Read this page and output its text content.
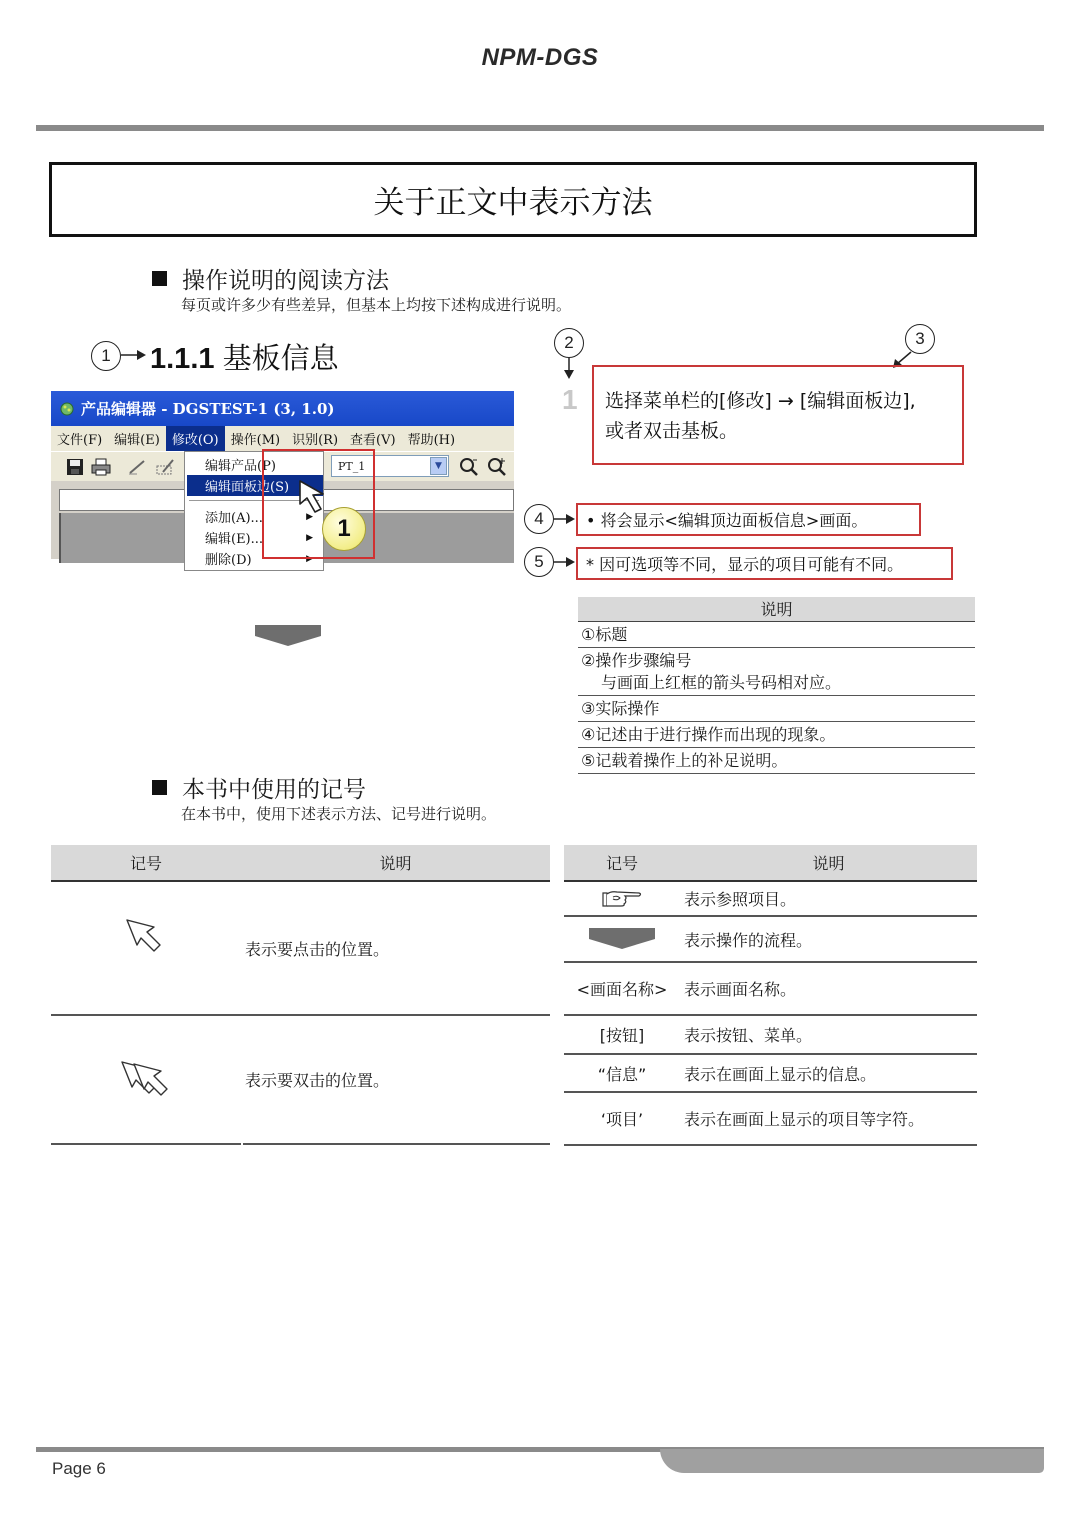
NPM-DGS
关于正文中表示方法
操作说明的阅读方法
每页或许多少有些差异，但基本上均按下述构成进行说明。
1	1.1.1 基板信息
产品编辑器 - DGSTEST-1 (3, 1.0)
文件(F) 编辑(E) 修改(O) 操作(M) 识别(R) 查看(V) 帮助(H)
PT_1	▼
编辑产品(P)
编辑面板边(S)
添加(A)...	▶
编辑(E)...	▶
删除(D)	▶
1
2
1
3
选择菜单栏的[修改] → [编辑面板边],
或者双击基板。
4	• 将会显示<编辑顶边面板信息>画面。
5	* 因可选项等不同，显示的项目可能有不同。
说明
①标题
②操作步骤编号
与画面上红框的箭头号码相对应。
③实际操作
④记述由于进行操作而出现的现象。
⑤记载着操作上的补足说明。
本书中使用的记号
在本书中，使用下述表示方法、记号进行说明。
记号	说明
表示要点击的位置。
表示要双击的位置。
记号	说明
表示参照项目。
表示操作的流程。
<画面名称>	表示画面名称。
[按钮]	表示按钮、菜单。
“信息”	表示在画面上显示的信息。
‘项目’	表示在画面上显示的项目等字符。
Page 6
